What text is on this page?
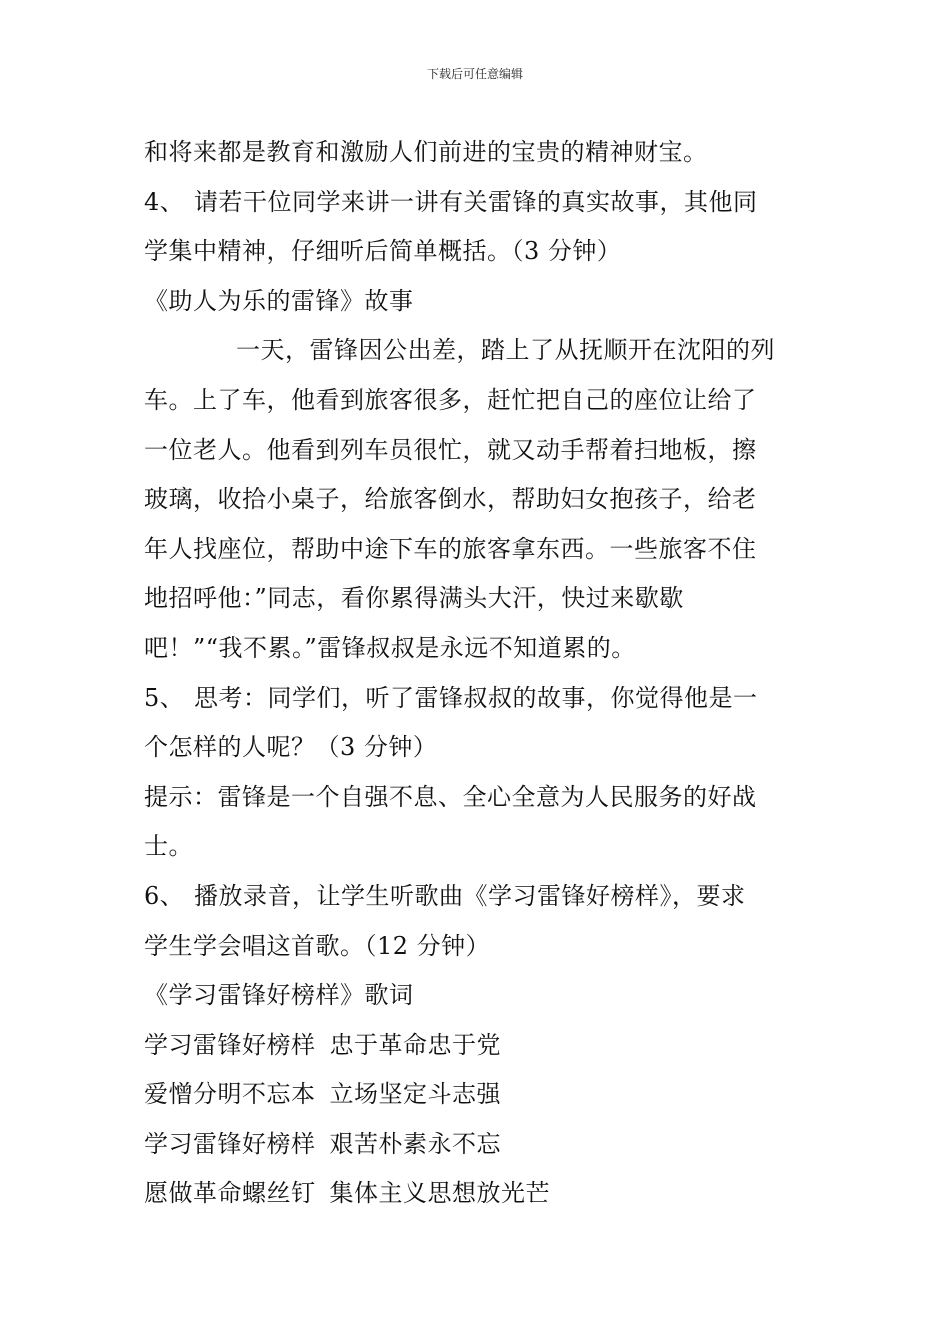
下载后可任意编辑
和将来都是教育和激励人们前进的宝贵的精神财宝。
4、 请若干位同学来讲一讲有关雷锋的真实故事，其他同
学集中精神，仔细听后简单概括。（3 分钟）
《助人为乐的雷锋》故事
一天，雷锋因公出差，踏上了从抚顺开在沈阳的列
车。上了车，他看到旅客很多，赶忙把自己的座位让给了
一位老人。他看到列车员很忙，就又动手帮着扫地板，擦
玻璃，收拾小桌子，给旅客倒水，帮助妇女抱孩子，给老
年人找座位，帮助中途下车的旅客拿东西。一些旅客不住
地招呼他：”同志，看你累得满头大汗，快过来歇歇
吧！”“我不累。”雷锋叔叔是永远不知道累的。
5、 思考：同学们，听了雷锋叔叔的故事，你觉得他是一
个怎样的人呢？（3 分钟）
提示：雷锋是一个自强不息、全心全意为人民服务的好战
士。
6、 播放录音，让学生听歌曲《学习雷锋好榜样》，要求
学生学会唱这首歌。（12 分钟）
《学习雷锋好榜样》歌词
学习雷锋好榜样 忠于革命忠于党
爱憎分明不忘本 立场坚定斗志强
学习雷锋好榜样 艰苦朴素永不忘
愿做革命螺丝钉 集体主义思想放光芒
